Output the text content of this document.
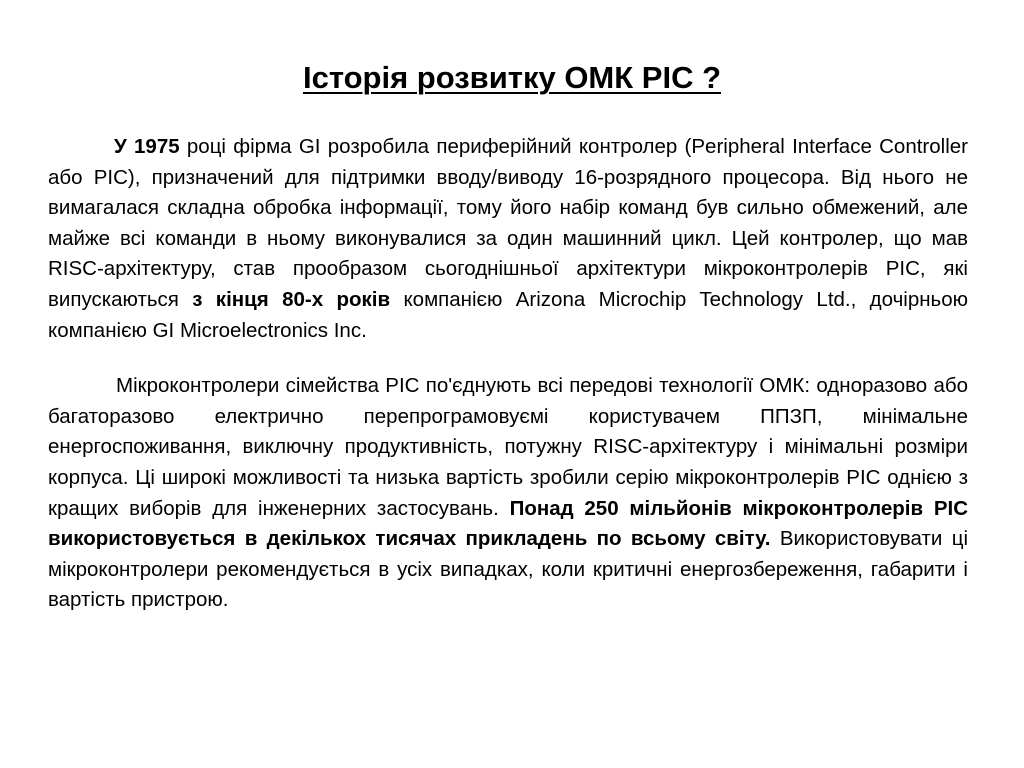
Історія розвитку ОМК PIC ?

У 1975 році фірма GI розробила периферійний контролер (Peripheral Interface Controller або PIC), призначений для підтримки вводу/виводу 16-розрядного процесора. Від нього не вимагалася складна обробка інформації, тому його набір команд був сильно обмежений, але майже всі команди в ньому виконувалися за один машинний цикл. Цей контролер, що мав RISC-архітектуру, став прообразом сьогоднішньої архітектури мікроконтролерів PIC, які випускаються з кінця 80-х років компанією Arizona Microchip Technology Ltd., дочірньою компанією GI Microelectronics Inc.

Мікроконтролери сімейства PIC по'єднують всі передові технології ОМК: одноразово або багаторазово електрично перепрограмовуємі користувачем ППЗП, мінімальне енергоспоживання, виключну продуктивність, потужну RISC-архітектуру і мінімальні розміри корпуса. Ці широкі можливості та низька вартість зробили серію мікроконтролерів PIC однією з кращих виборів для інженерних застосувань. Понад 250 мільйонів мікроконтролерів PIC використовується в декількох тисячах прикладень по всьому світу. Використовувати ці мікроконтролери рекомендується в усіх випадках, коли критичні енергозбереження, габарити і вартість пристрою.
